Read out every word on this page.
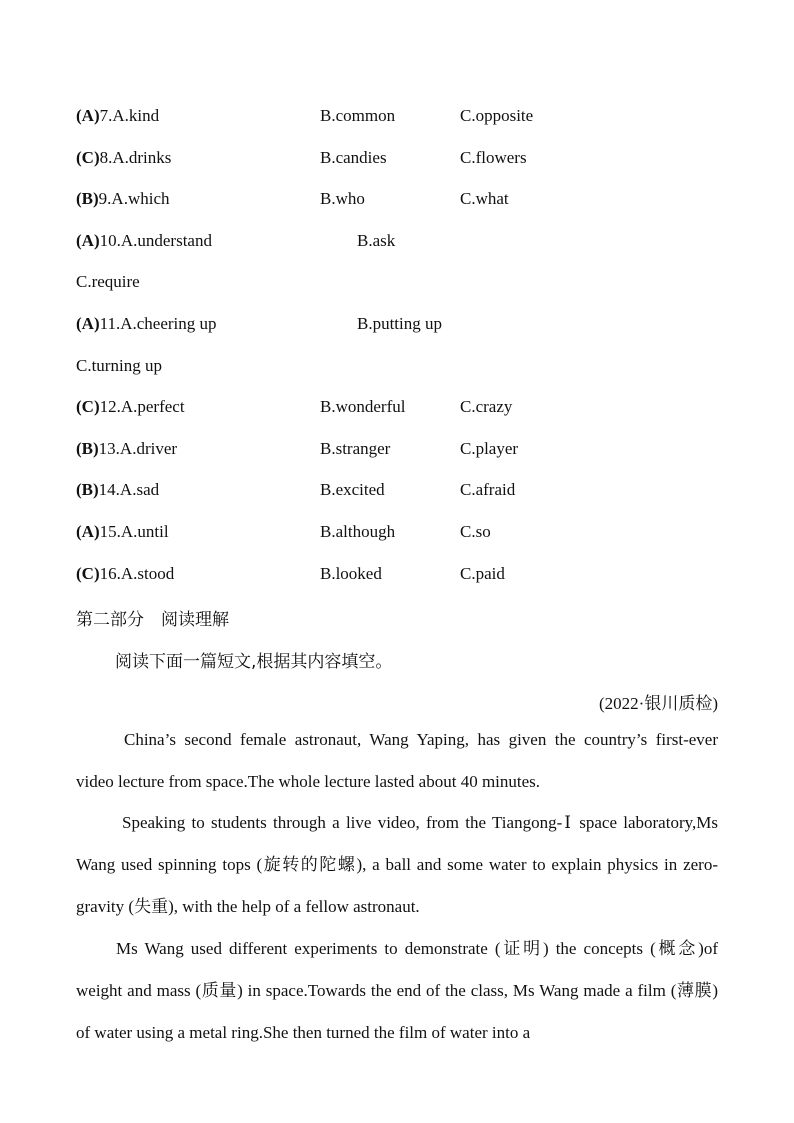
(A)7.A.kind	B.common	C.opposite
(C)8.A.drinks	B.candies	C.flowers
(B)9.A.which	B.who	C.what
(A)10.A.understand	B.ask
C.require
(A)11.A.cheering up	B.putting up
C.turning up
(C)12.A.perfect	B.wonderful	C.crazy
(B)13.A.driver	B.stranger	C.player
(B)14.A.sad	B.excited	C.afraid
(A)15.A.until	B.although	C.so
(C)16.A.stood	B.looked	C.paid
第二部分　阅读理解
阅读下面一篇短文,根据其内容填空。
(2022·银川质检)
China’s second female astronaut, Wang Yaping, has given the country’s first-ever video lecture from space.The whole lecture lasted about 40 minutes.
Speaking to students through a live video, from the Tiangong-Ⅰ space laboratory,Ms Wang used spinning tops (旋转的陀螺), a ball and some water to explain physics in zero-gravity (失重), with the help of a fellow astronaut.
Ms Wang used different experiments to demonstrate (证明) the concepts (概念)of weight and mass (质量) in space.Towards the end of the class, Ms Wang made a film (薄膜) of water using a metal ring.She then turned the film of water into a
